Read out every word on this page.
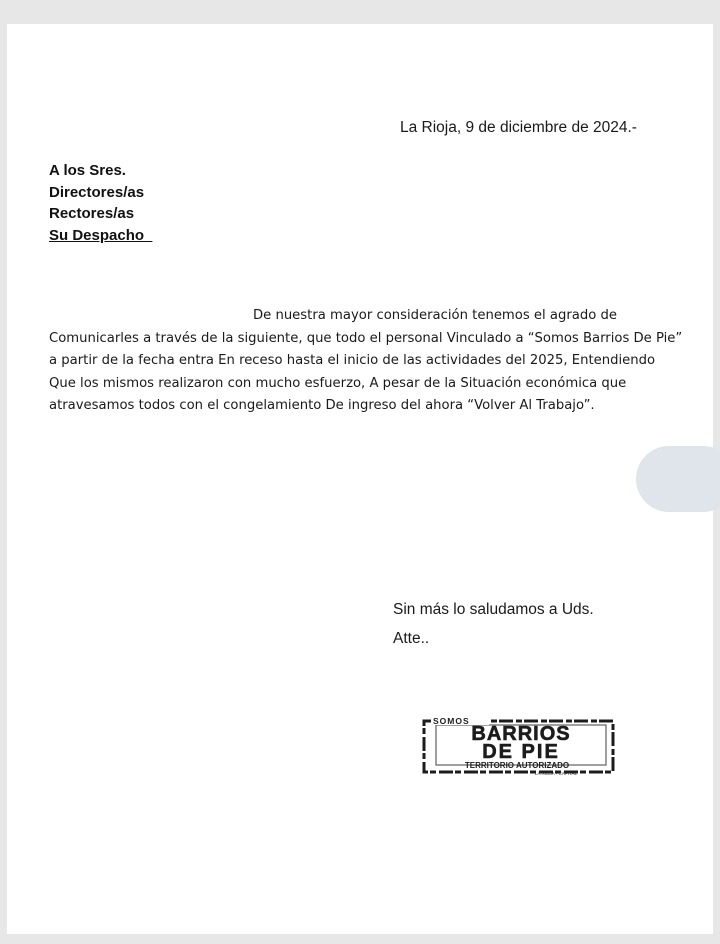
La Rioja, 9 de diciembre de 2024.-
A los Sres.
Directores/as
Rectores/as
Su Despacho_
De nuestra mayor consideración tenemos el agrado de
Comunicarles a través de la siguiente, que todo el personal Vinculado a “Somos Barrios De Pie”
a partir de la fecha entra En receso hasta el inicio de las actividades del 2025, Entendiendo
Que los mismos realizaron con mucho esfuerzo, A pesar de la Situación económica que
atravesamos todos con el congelamiento De ingreso del ahora “Volver Al Trabajo”.
Sin más lo saludamos a Uds.
Atte..
SOMOS
BARRIOS
DE PIE
TERRITORIO AUTORIZADO
LA RIOJA - CAPITAL
